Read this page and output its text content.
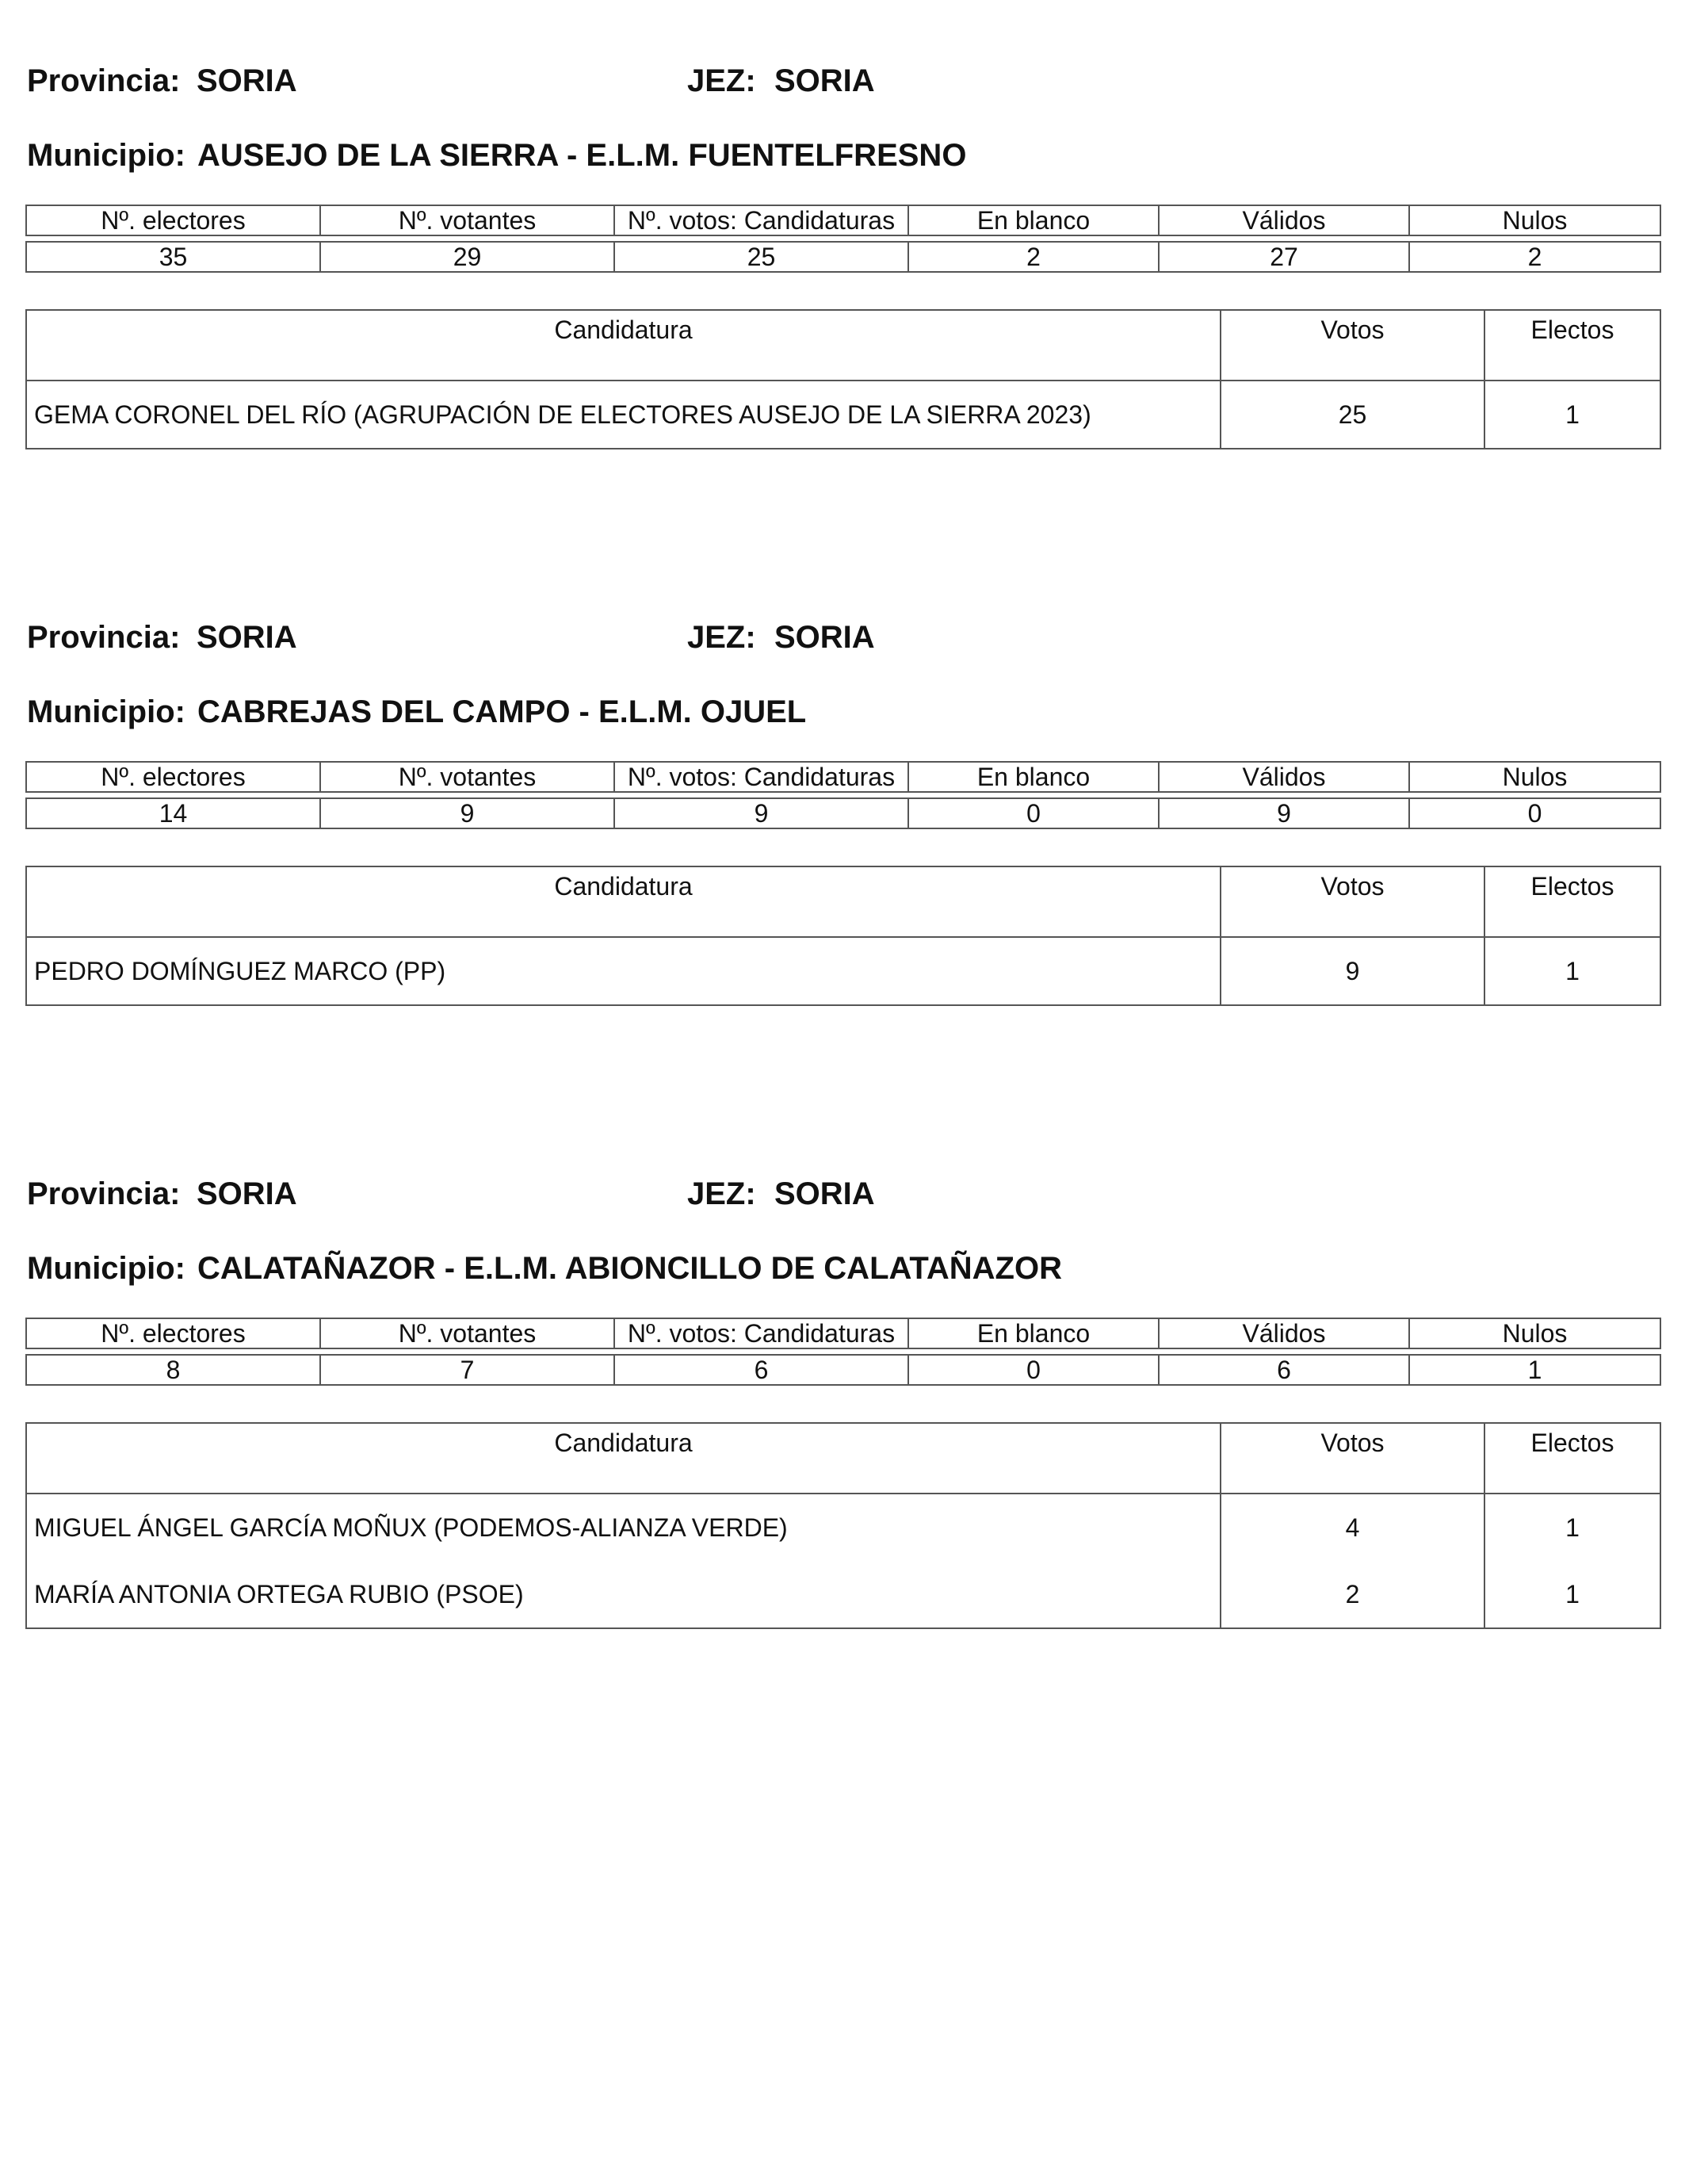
Provincia: SORIA	JEZ: SORIA
Municipio: AUSEJO DE LA SIERRA - E.L.M. FUENTELFRESNO
Nº. electores	Nº. votantes	Nº. votos: Candidaturas	En blanco	Válidos	Nulos

35	29	25	2	27	2
Candidatura	Votos	Electos
GEMA CORONEL DEL RÍO (AGRUPACIÓN DE ELECTORES AUSEJO DE LA SIERRA 2023)	25	1
Provincia: SORIA	JEZ: SORIA
Municipio: CABREJAS DEL CAMPO - E.L.M. OJUEL
Nº. electores	Nº. votantes	Nº. votos: Candidaturas	En blanco	Válidos	Nulos

14	9	9	0	9	0
Candidatura	Votos	Electos
PEDRO DOMÍNGUEZ MARCO (PP)	9	1
Provincia: SORIA	JEZ: SORIA
Municipio: CALATAÑAZOR - E.L.M. ABIONCILLO DE CALATAÑAZOR
Nº. electores	Nº. votantes	Nº. votos: Candidaturas	En blanco	Válidos	Nulos

8	7	6	0	6	1
Candidatura	Votos	Electos
MIGUEL ÁNGEL GARCÍA MOÑUX (PODEMOS-ALIANZA VERDE)	4	1
MARÍA ANTONIA ORTEGA RUBIO (PSOE)	2	1
